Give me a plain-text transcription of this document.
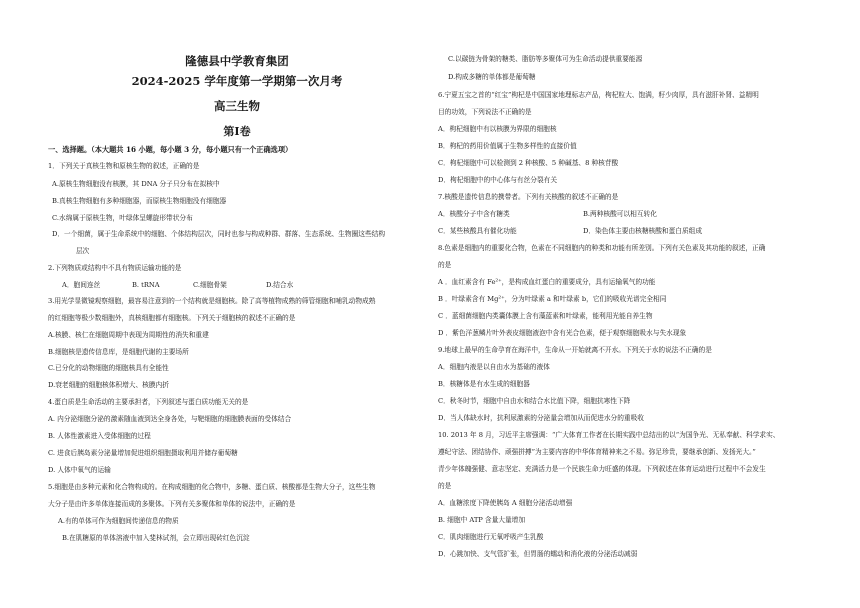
隆德县中学教育集团
2024-2025 学年度第一学期第一次月考
高三生物
第Ⅰ卷
一、选择题。（本大题共 16 小题，每小题 3 分，每小题只有一个正确选项）
1．下列关于真核生物和原核生物的叙述，正确的是
A.原核生物细胞没有核膜，其 DNA 分子只分布在拟核中
B.真核生物细胞有多种细胞器，而原核生物细胞没有细胞器
C.水绵属于原核生物，叶绿体呈螺旋形带状分布
D．一个细菌，属于生命系统中的细胞、个体结构层次，同时也参与构成种群、群落、生态系统、生物圈这些结构
层次
2.下列物质或结构中不具有物质运输功能的是
A．胞间连丝	B. tRNA	C.细胞骨架	D.结合水
3.用光学显微镜观察细胞，最容易注意到的一个结构就是细胞核。除了高等植物成熟的筛管细胞和哺乳动物成熟
的红细胞等极少数细胞外，真核细胞都有细胞核。下列关于细胞核的叙述不正确的是
A.核膜、核仁在细胞周期中表现为周期性的消失和重建
B.细胞核是遗传信息库，是细胞代谢的主要场所
C.已分化的动物细胞的细胞核具有全能性
D.衰老细胞的细胞核体积增大、核膜内折
4.蛋白质是生命活动的主要承担者，下列叙述与蛋白质功能无关的是
A. 内分泌细胞分泌的激素随血液到达全身各处，与靶细胞的细胞膜表面的受体结合
B. 人体性激素进入受体细胞的过程
C. 进食后胰岛素分泌量增加促进组织细胞摄取利用并储存葡萄糖
D. 人体中氧气的运输
5.细胞是由多种元素和化合物构成的。在构成细胞的化合物中，多糖、蛋白质、核酸都是生物大分子，这些生物
大分子是由许多单体连接而成的多聚体。下列有关多聚体和单体的说法中，正确的是
A.有的单体可作为细胞间传递信息的物质
B.在肌糖原的单体溶液中加入斐林试剂，会立即出现砖红色沉淀
C.以碳链为骨架的糖类、脂肪等多聚体可为生命活动提供重要能源
D.构成多糖的单体都是葡萄糖
6.宁夏五宝之首的“红宝”枸杞是中国国家地理标志产品，枸杞粒大、饱满，籽少肉厚，具有滋肝补肾、益精明
目的功效，下列说法不正确的是
A．枸杞细胞中有以核膜为界限的细胞核
B．枸杞的药用价值属于生物多样性的直接价值
C．枸杞细胞中可以检测到 2 种核酸、5 种碱基、8 种核苷酸
D．枸杞细胞中的中心体与有丝分裂有关
7.核酸是遗传信息的携带者。下列有关核酸的叙述不正确的是
A．核酸分子中含有糖类	B.两种核酸可以相互转化
C．某些核酸具有催化功能	D．染色体主要由核糖核酸和蛋白质组成
8.色素是细胞内的重要化合物，色素在不同细胞内的种类和功能有所差别。下列有关色素及其功能的叙述，正确
的是
A ．血红素含有 Fe²⁺，是构成血红蛋白的重要成分，具有运输氧气的功能
B ．叶绿素含有 Mg²⁺，分为叶绿素 a 和叶绿素 b，它们的吸收光谱完全相同
C ．蓝细菌细胞内类囊体膜上含有藻蓝素和叶绿素，能利用光能自养生物
D ．紫色洋葱鳞片叶外表皮细胞液泡中含有光合色素，便于观察细胞吸水与失水现象
9.地球上最早的生命孕育在海洋中，生命从一开始就离不开水。下列关于水的说法不正确的是
A．细胞内液是以自由水为基础的液体
B．核糖体是有水生成的细胞器
C．秋冬时节，细胞中自由水和结合水比值下降，细胞抗寒性下降
D．当人体缺水时，抗利尿激素的分泌量会增加从而促进水分的重吸收
10. 2013 年 8 月，习近平主席强调：“广大体育工作者在长期实践中总结出的以“为国争光、无私奉献、科学求实、
遵纪守法、团结协作、顽强拼搏”为主要内容的中华体育精神来之不易。弥足珍贵，要继承创新、发扬光大。”
青少年体魄强健、意志坚定、充满活力是一个民族生命力旺盛的体现。下列叙述在体育运动进行过程中不会发生
的是
A．血糖浓度下降使胰岛 A 细胞分泌活动增强
B. 细胞中 ATP 含量大量增加
C．肌肉细胞进行无氧呼吸产生乳酸
D．心跳加快、支气管扩张，但胃肠的蠕动和消化液的分泌活动减弱
